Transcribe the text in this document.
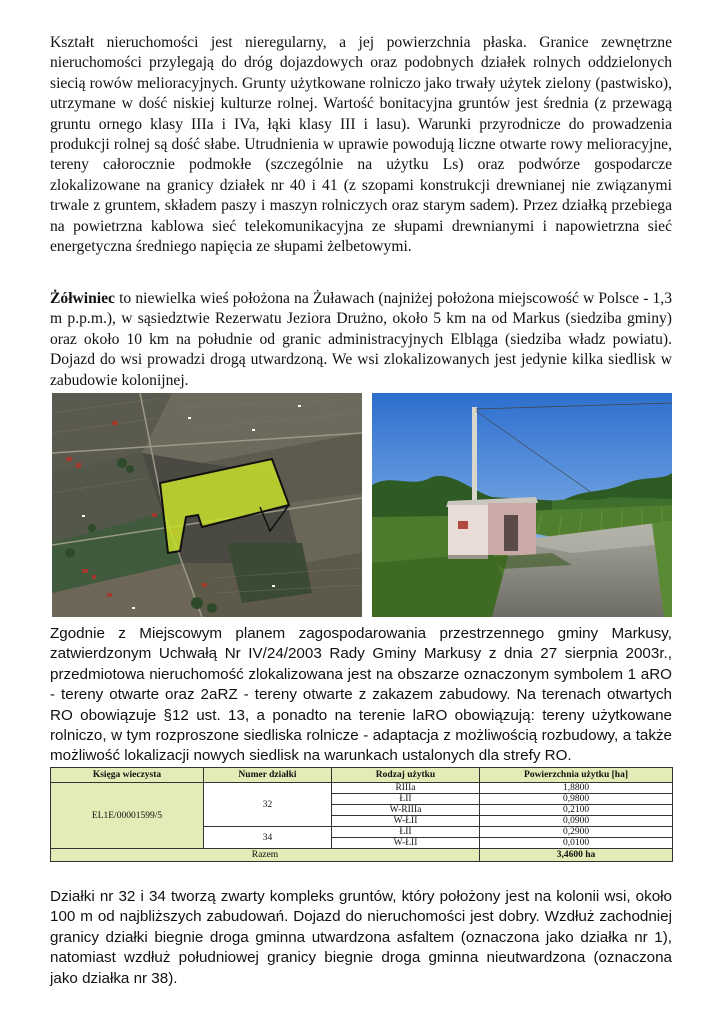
Kształt nieruchomości jest nieregularny, a jej powierzchnia płaska. Granice zewnętrzne nieruchomości przylegają do dróg dojazdowych oraz podobnych działek rolnych oddzielonych siecią rowów melioracyjnych. Grunty użytkowane rolniczo jako trwały użytek zielony (pastwisko), utrzymane w dość niskiej kulturze rolnej. Wartość bonitacyjna gruntów jest średnia (z przewagą gruntu ornego klasy IIIa i IVa, łąki klasy III i lasu). Warunki przyrodnicze do prowadzenia produkcji rolnej są dość słabe. Utrudnienia w uprawie powodują liczne otwarte rowy melioracyjne, tereny całorocznie podmokłe (szczególnie na użytku Ls) oraz podwórze gospodarcze zlokalizowane na granicy działek nr 40 i 41 (z szopami konstrukcji drewnianej nie związanymi trwale z gruntem, składem paszy i maszyn rolniczych oraz starym sadem). Przez działką przebiega na powietrzna kablowa sieć telekomunikacyjna ze słupami drewnianymi i napowietrzna sieć energetyczna średniego napięcia ze słupami żelbetowymi.

Żółwiniec to niewielka wieś położona na Żuławach (najniżej położona miejscowość w Polsce - 1,3 m p.p.m.), w sąsiedztwie Rezerwatu Jeziora Drużno, około 5 km na od Markus (siedziba gminy) oraz około 10 km na południe od granic administracyjnych Elbląga (siedziba władz powiatu). Dojazd do wsi prowadzi drogą utwardzoną. We wsi zlokalizowanych jest jedynie kilka siedlisk w zabudowie kolonijnej.

Zgodnie z Miejscowym planem zagospodarowania przestrzennego gminy Markusy, zatwierdzonym Uchwałą Nr IV/24/2003 Rady Gminy Markusy z dnia 27 sierpnia 2003r., przedmiotowa nieruchomość zlokalizowana jest na obszarze oznaczonym symbolem 1 aRO - tereny otwarte oraz 2aRZ - tereny otwarte z zakazem zabudowy. Na terenach otwartych RO obowiązuje §12 ust. 13, a ponadto na terenie laRO obowiązują: tereny użytkowane rolniczo, w tym rozproszone siedliska rolnicze - adaptacja z możliwością rozbudowy, a także możliwość lokalizacji nowych siedlisk na warunkach ustalonych dla strefy RO.

Księga wieczysta	Numer działki	Rodzaj użytku	Powierzchnia użytku [ha]
EL1E/00001599/5	32	RIIIa	1,8800
		ŁII	0,9800
		W-RIIIa	0,2100
		W-ŁII	0,0900
	34	ŁII	0,2900
		W-ŁII	0,0100
Razem			3,4600 ha

Działki nr 32 i 34 tworzą zwarty kompleks gruntów, który położony jest na kolonii wsi, około 100 m od najbliższych zabudowań. Dojazd do nieruchomości jest dobry. Wzdłuż zachodniej granicy działki biegnie droga gminna utwardzona asfaltem (oznaczona jako działka nr 1), natomiast wzdłuż południowej granicy biegnie droga gminna nieutwardzona (oznaczona jako działka nr 38).
